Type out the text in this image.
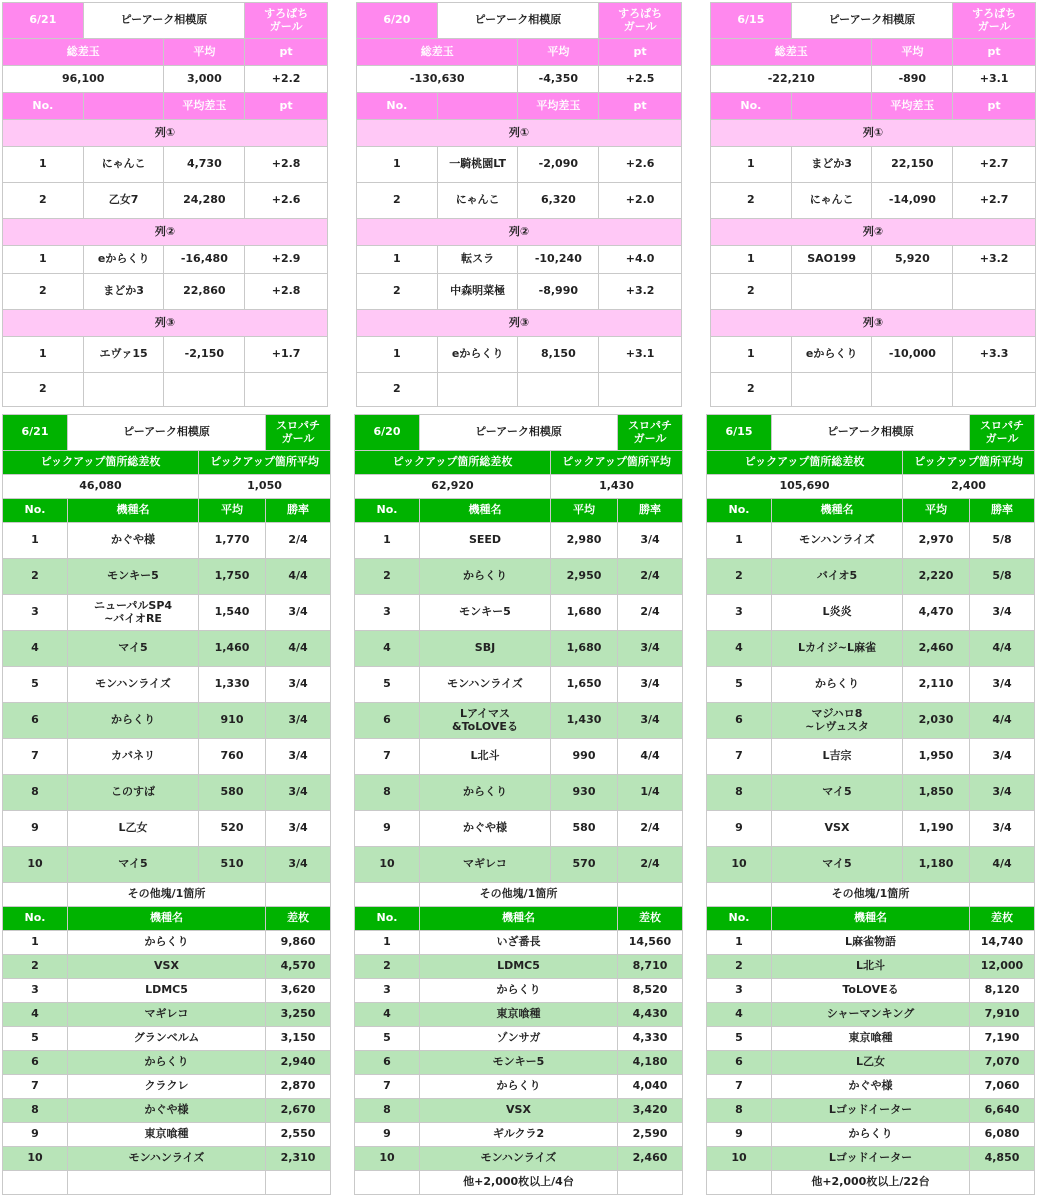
6/21	ピーアーク相模原		すろぱち
ガール

総差玉		平均	pt
96,100		3,000	+2.2
No.		平均差玉	pt
列①			
1	にゃんこ	4,730	+2.8
2	乙女7	24,280	+2.6
列②			
1	eからくり	-16,480	+2.9
2	まどか3	22,860	+2.8
列③			
1	エヴァ15	-2,150	+1.7
2			
6/20	ピーアーク相模原		すろぱち
ガール

総差玉		平均	pt
-130,630		-4,350	+2.5
No.		平均差玉	pt
列①			
1	一騎桃園LT	-2,090	+2.6
2	にゃんこ	6,320	+2.0
列②			
1	転スラ	-10,240	+4.0
2	中森明菜極	-8,990	+3.2
列③			
1	eからくり	8,150	+3.1
2			
6/15	ピーアーク相模原		すろぱち
ガール

総差玉		平均	pt
-22,210		-890	+3.1
No.		平均差玉	pt
列①			
1	まどか3	22,150	+2.7
2	にゃんこ	-14,090	+2.7
列②			
1	SAO199	5,920	+3.2
2			
列③			
1	eからくり	-10,000	+3.3
2			
6/21	ピーアーク相模原		スロパチ
ガール

ピックアップ箇所総差枚		ピックアップ箇所平均	
46,080		1,050	
No.	機種名	平均	勝率
1	かぐや様	1,770	2/4
2	モンキー5	1,750	4/4
3	ニューパルSP4
~バイオRE	1,540	3/4
4	マイ5	1,460	4/4
5	モンハンライズ	1,330	3/4
6	からくり	910	3/4
7	カバネリ	760	3/4
8	このすば	580	3/4
9	L乙女	520	3/4
10	マイ5	510	3/4
	その他塊/1箇所		
No.	機種名		差枚
1	からくり		9,860
2	VSX		4,570
3	LDMC5		3,620
4	マギレコ		3,250
5	グランベルム		3,150
6	からくり		2,940
7	クラクレ		2,870
8	かぐや様		2,670
9	東京喰種		2,550
10	モンハンライズ		2,310

6/20	ピーアーク相模原		スロパチ
ガール

ピックアップ箇所総差枚		ピックアップ箇所平均	
62,920		1,430	
No.	機種名	平均	勝率
1	SEED	2,980	3/4
2	からくり	2,950	2/4
3	モンキー5	1,680	2/4
4	SBJ	1,680	3/4
5	モンハンライズ	1,650	3/4
6	Lアイマス
&ToLOVEる	1,430	3/4
7	L北斗	990	4/4
8	からくり	930	1/4
9	かぐや様	580	2/4
10	マギレコ	570	2/4
	その他塊/1箇所		
No.	機種名		差枚
1	いざ番長		14,560
2	LDMC5		8,710
3	からくり		8,520
4	東京喰種		4,430
5	ゾンサガ		4,330
6	モンキー5		4,180
7	からくり		4,040
8	VSX		3,420
9	ギルクラ2		2,590
10	モンハンライズ		2,460
	他+2,000枚以上/4台		
6/15	ピーアーク相模原		スロパチ
ガール

ピックアップ箇所総差枚		ピックアップ箇所平均	
105,690		2,400	
No.	機種名	平均	勝率
1	モンハンライズ	2,970	5/8
2	バイオ5	2,220	5/8
3	L炎炎	4,470	3/4
4	Lカイジ~L麻雀	2,460	4/4
5	からくり	2,110	3/4
6	マジハロ8
~レヴュスタ	2,030	4/4
7	L吉宗	1,950	3/4
8	マイ5	1,850	3/4
9	VSX	1,190	3/4
10	マイ5	1,180	4/4
	その他塊/1箇所		
No.	機種名		差枚
1	L麻雀物語		14,740
2	L北斗		12,000
3	ToLOVEる		8,120
4	シャーマンキング		7,910
5	東京喰種		7,190
6	L乙女		7,070
7	かぐや様		7,060
8	Lゴッドイーター		6,640
9	からくり		6,080
10	Lゴッドイーター		4,850
	他+2,000枚以上/22台		
